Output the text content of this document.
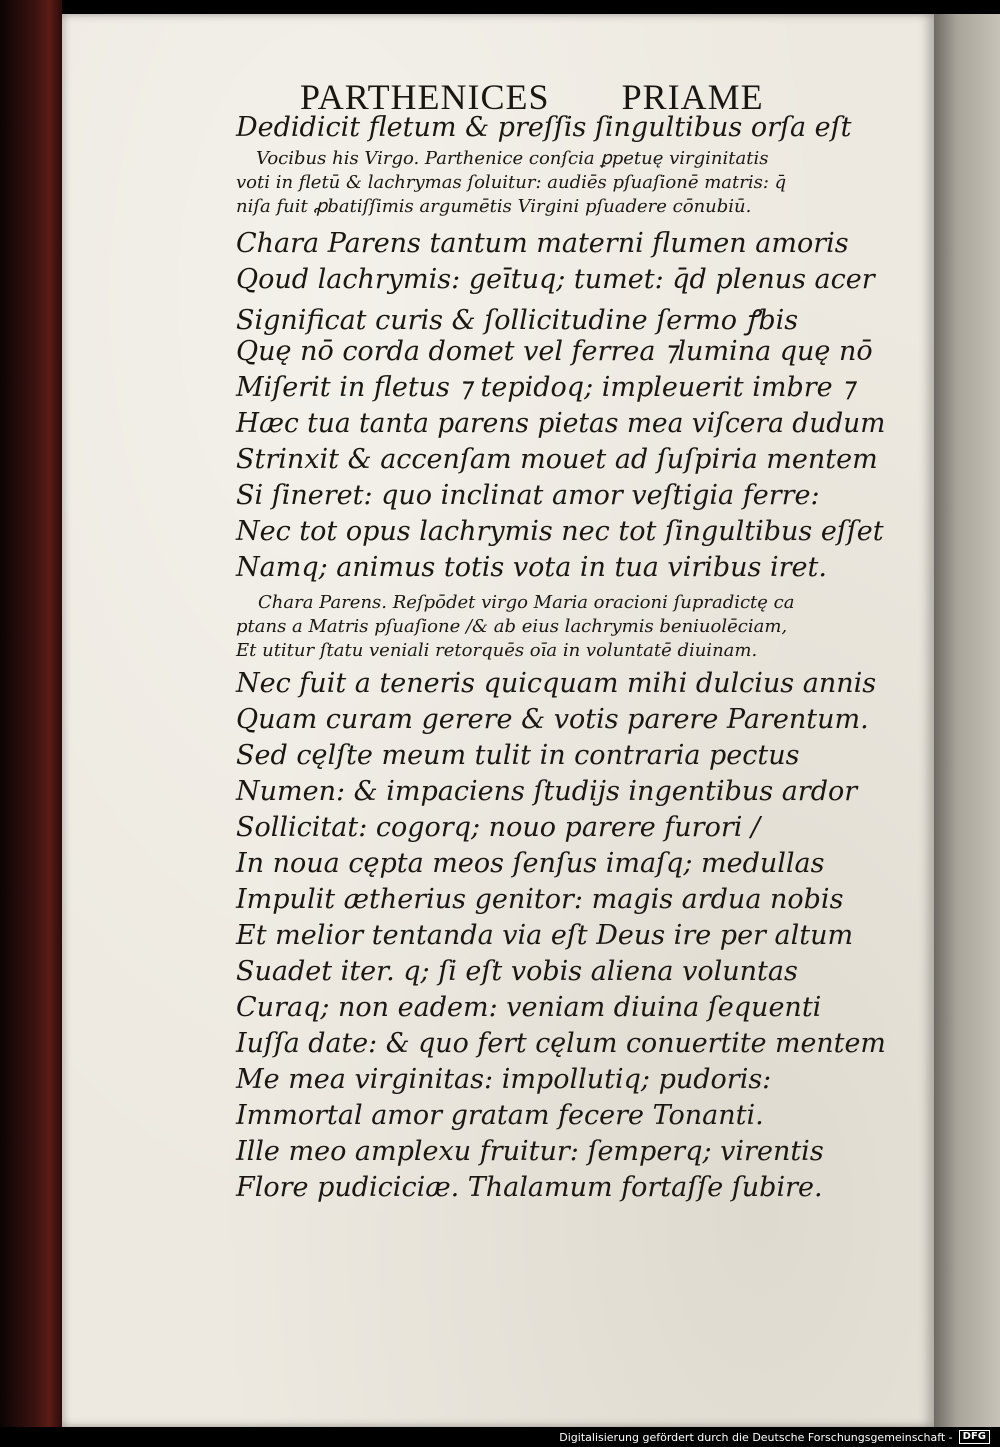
PARTHENICES PRIAME
Dedidicit fletum & preſſis ſingultibus orſa eſt
Vocibus his Virgo. Parthenice conſcia ꝑpetuę virginitatis
voti in fletū & lachrymas ſoluitur: audiēs pſuaſionē matris: q̄
niſa fuit ꝓbatiſſimis argumētis Virgini pſuadere cōnubiū.
Chara Parens tantum materni flumen amoris
Qoud lachrymis: geītuq; tumet: q̄d plenus acer
Significat curis & ſollicitudine ſermo ꝭbis
Quę nō corda domet vel ferrea ⁊lumina quę nō
Miſerit in fletus ⁊ tepidoq; impleuerit imbre ⁊
Hæc tua tanta parens pietas mea viſcera dudum
Strinxit & accenſam mouet ad ſuſpiria mentem
Si ſineret: quo inclinat amor veſtigia ferre:
Nec tot opus lachrymis nec tot ſingultibus eſſet
Namq; animus totis vota in tua viribus iret.
Chara Parens. Reſpōdet virgo Maria oracioni ſupradictę ca
ptans a Matris pſuaſione /& ab eius lachrymis beniuolēciam,
Et utitur ſtatu veniali retorquēs oīa in voluntatē diuinam.
Nec fuit a teneris quicquam mihi dulcius annis
Quam curam gerere & votis parere Parentum.
Sed cęlſte meum tulit in contraria pectus
Numen: & impaciens ſtudijs ingentibus ardor
Sollicitat: cogorq; nouo parere furori /
In noua cępta meos ſenſus imaſq; medullas
Impulit ætherius genitor: magis ardua nobis
Et melior tentanda via eſt Deus ire per altum
Suadet iter. q; ſi eſt vobis aliena voluntas
Curaq; non eadem: veniam diuina ſequenti
Iuſſa date: & quo fert cęlum conuertite mentem
Me mea virginitas: impollutiq; pudoris:
Immortal amor gratam fecere Tonanti.
Ille meo amplexu fruitur: ſemperq; virentis
Flore pudiciciæ. Thalamum fortaſſe ſubire.
Digitalisierung gefördert durch die Deutsche Forschungsgemeinschaft -	DFG
